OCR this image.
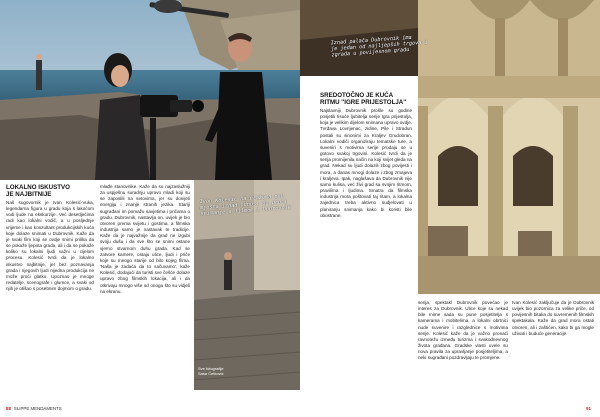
Sve fotografije
Saša Ćetković
Iznad palača Dubrovnik ima
je jedan od najljepših trgova i
zgrada u povijesnom gradu
Ivan Kolesić na plažama pod
mjesta iznad odnosi da pruži
snimanje s filmom i Dubrovnik
LOKALNO ISKUSTVO
JE NAJBITNIJE
Naš sugovornik je Ivan Kolesić-Vuka, legendarna figura u gradu koja s lakoćom vodi ljude na ekskurzije. Već desetljećima radi kao lokalni vodič, a u posljednje vrijeme i kao konzultant produkcijskih kuća koje dolaze snimati u Dubrovnik. Kaže da je svaki film koji se ovdje snimi prilika da se pokaže ljepota grada, ali i da se pokaže koliko su lokalni ljudi važni u cijelom procesu. Kolesić tvrdi da je lokalno iskustvo najbitnije, jer bez poznavanja grada i njegovih ljudi nijedna produkcija ne može proći glatko. Upoznao je mnoge redatelje, scenografe i glumce, a svaki od njih je otišao s posebnim dojmom o gradu.
mlađe stanovnike. Kaže da su najzaslužniji za uspješnu suradnju upravo mladi koji su se zaposlili na setovima, jer su donijeli energiju i znanje stranih jezika. Stariji sugrađani im pomažu savjetima i pričama o gradu. Dubrovnik, nastavlja on, uvijek je bio otvoren prema svijetu i gostima, a filmska industrija samo je nastavak te tradicije. Kaže da je najvažnije da grad ne izgubi svoju dušu i da sve što se snimi ostane vjerno stvarnom duhu grada. Kad se zatvore kamere, ostaju ulice, ljudi i priče koje su mnogo starije od bilo kojeg filma. 'Naša je zadaća da to sačuvamo', kaže Kolesić, dodajući da turisti sve češće dolaze upravo zbog filmskih lokacija, ali i da otkrivaju mnogo više od onoga što su vidjeli na ekranu.
SREDOTOČNO JE KUĆA
RITMU "IGRE PRIJESTOLJA"
Najslavniji Dubrovnik prošle su godine posjetili tisuće ljubitelja serije Igra prijestolja, koja je velikim dijelom snimana upravo ovdje. Tvrđava Lovrijenac, zidine, Pile i Stradun postali su sinonimi za Kraljev Grudobran. Lokalni vodiči organiziraju tematske ture, a suveniri s motivima serije prodaju se u gotovo svakoj trgovini. Kolesić tvrdi da je serija promijenila način na koji svijet gleda na grad. Nekad su ljudi dolazili zbog povijesti i mora, a danas mnogi dolaze i zbog zmajeva i kraljeva. Ipak, naglašava da Dubrovnik nije samo kulisa, već živi grad sa svojim ritmom, pravilima i ljudima. Smatra da filmska industrija mora poštovati taj ritam, a lokalna zajednica treba aktivno sudjelovati u planiranju snimanja kako bi koristi bile obostrane.
serija, spektakl Dubrovnik povećao je interes za Dubrovnik. Ulice koje su nekad bile mirne sada su pune posjetitelja s kamerama i mobitelima, a lokalni obrtnici nude suvenire i razglednice s motivima serije. Kolesić kaže da je važno pronaći ravnotežu između turizma i svakodnevnog života građana. Gradske vlasti uvele su nova pravila za upravljanje posjetiteljima, a neki sugrađani pozdravljaju te promjene.
Ivan Kolesić zaključuje da je Dubrovnik uvijek bio pozornica za velike priče, od povijesnih bitaka do suvremenih filmskih spektakala. Kaže da grad mora ostati otvoren, ali i zaštićen, kako bi ga mogle uživati i buduće generacije.
88 SLIPPE MENDAMENTS	91
